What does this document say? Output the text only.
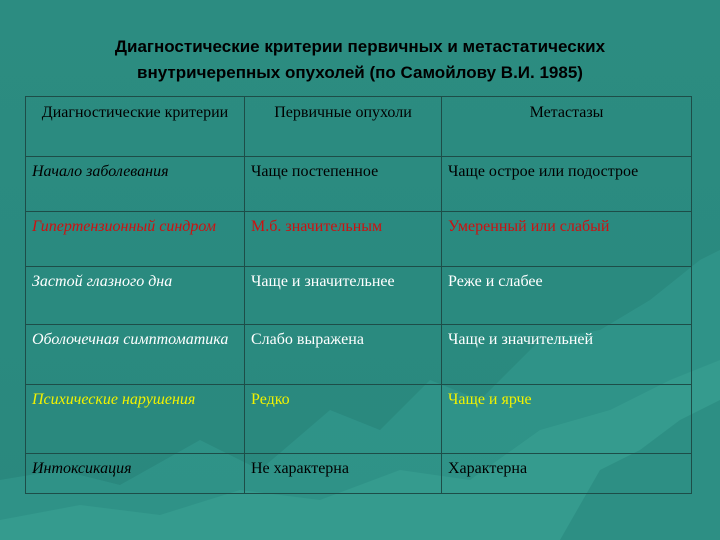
Диагностические критерии первичных и метастатических
внутричерепных опухолей (по Самойлову В.И. 1985)
Диагностические критерии	Первичные опухоли	Метастазы
Начало заболевания	Чаще постепенное	Чаще острое или подострое
Гипертензионный синдром	М.б. значительным	Умеренный или слабый
Застой глазного дна	Чаще и значительнее	Реже и слабее
Оболочечная симптоматика	Слабо выражена	Чаще и значительней
Психические нарушения	Редко	Чаще и ярче
Интоксикация	Не характерна	Характерна
